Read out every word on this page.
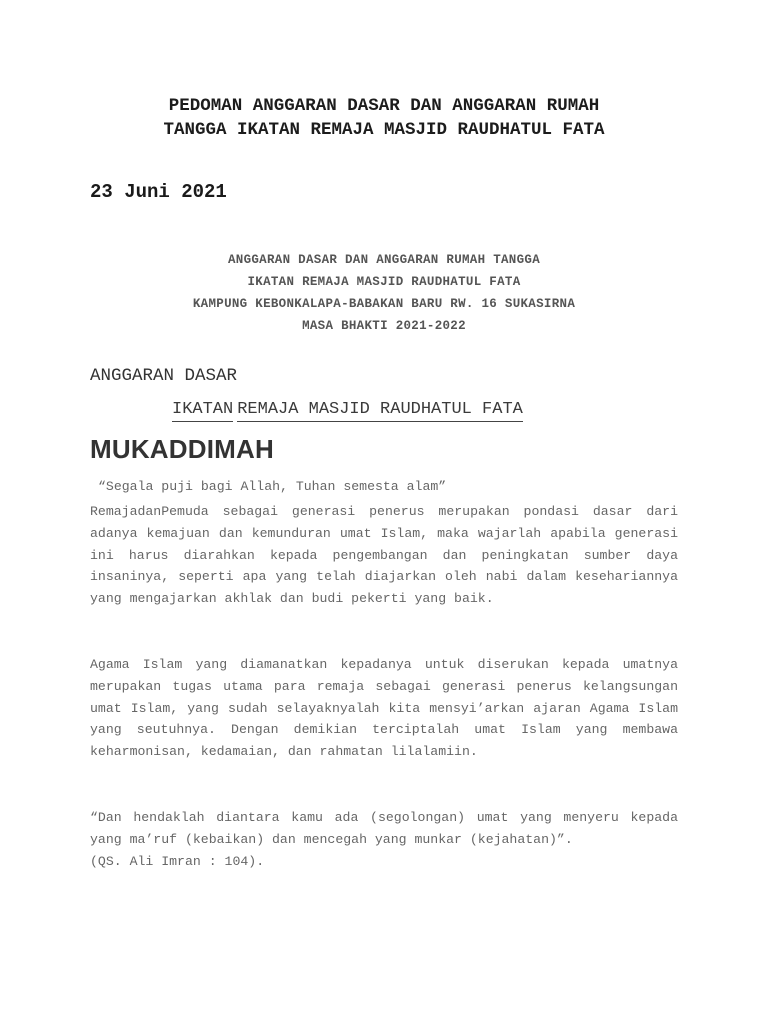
PEDOMAN ANGGARAN DASAR DAN ANGGARAN RUMAH
TANGGA IKATAN REMAJA MASJID RAUDHATUL FATA
23 Juni 2021
ANGGARAN DASAR DAN ANGGARAN RUMAH TANGGA
IKATAN REMAJA MASJID RAUDHATUL FATA
KAMPUNG KEBONKALAPA-BABAKAN BARU RW. 16 SUKASIRNA
MASA BHAKTI 2021-2022
ANGGARAN DASAR
IKATAN REMAJA MASJID RAUDHATUL FATA
MUKADDIMAH
“Segala puji bagi Allah, Tuhan semesta alam”

RemajadanPemuda sebagai generasi penerus merupakan pondasi dasar dari adanya kemajuan dan kemunduran umat Islam, maka wajarlah apabila generasi ini harus diarahkan kepada pengembangan dan peningkatan sumber daya insaninya, seperti apa yang telah diajarkan oleh nabi dalam kesehariannya yang mengajarkan akhlak dan budi pekerti yang baik.

Agama Islam yang diamanatkan kepadanya untuk diserukan kepada umatnya merupakan tugas utama para remaja sebagai generasi penerus kelangsungan umat Islam, yang sudah selayaknyalah kita mensyi’arkan ajaran Agama Islam yang seutuhnya. Dengan demikian terciptalah umat Islam yang membawa keharmonisan, kedamaian, dan rahmatan lilalamiin.

“Dan hendaklah diantara kamu ada (segolongan) umat yang menyeru kepada yang ma’ruf (kebaikan) dan mencegah yang munkar (kejahatan)”.

(QS. Ali Imran : 104).
